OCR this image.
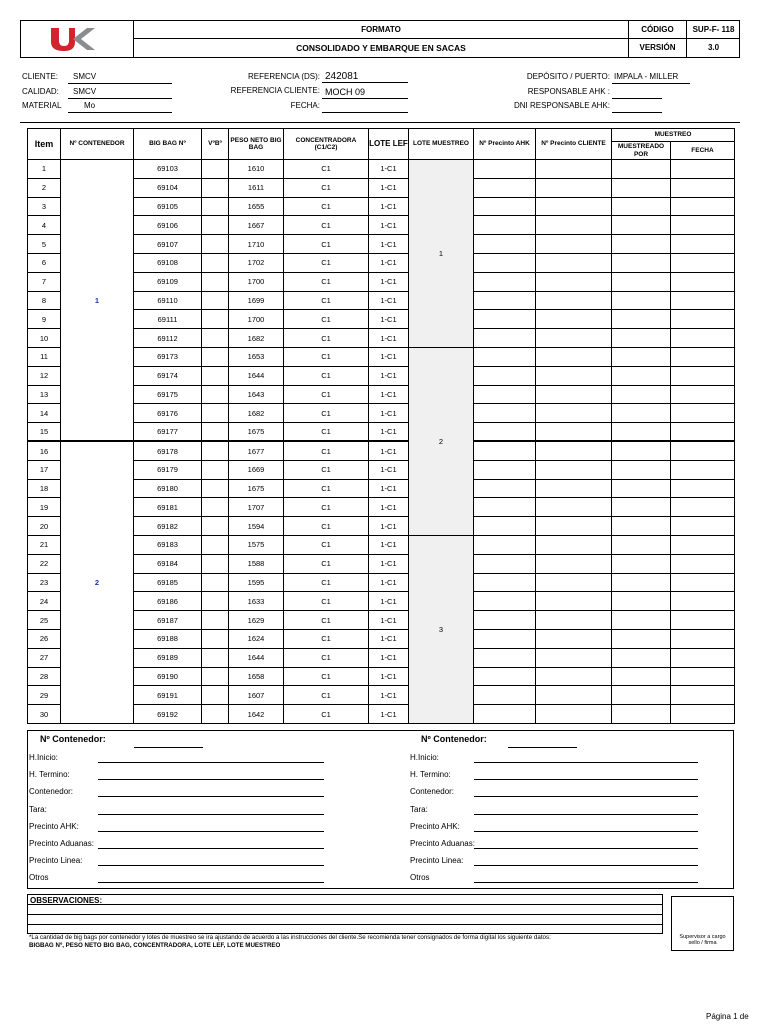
FORMATO
CONSOLIDADO Y EMBARQUE EN SACAS
CÓDIGO	SUP-F- 118
VERSIÓN	3.0
CLIENTE:	SMCV
CALIDAD:	SMCV
MATERIAL	Mo
REFERENCIA (DS): 242081
REFERENCIA CLIENTE: MOCH 09
FECHA:
DEPÓSITO / PUERTO: IMPALA - MILLER
RESPONSABLE AHK :
DNI RESPONSABLE AHK:
Item	Nº CONTENEDOR	BIG BAG Nº	VºBº	PESO NETO BIG BAG	CONCENTRADORA (C1/C2)	LOTE LEF	LOTE MUESTREO	Nº Precinto AHK	Nº Precinto CLIENTE	MUESTREO	
										MUESTREADO POR	FECHA
1	1	69103		1610	C1	1-C1	1				
2		69104		1611	C1	1-C1					
3		69105		1655	C1	1-C1					
4		69106		1667	C1	1-C1					
5		69107		1710	C1	1-C1					
6		69108		1702	C1	1-C1					
7		69109		1700	C1	1-C1					
8		69110		1699	C1	1-C1					
9		69111		1700	C1	1-C1					
10		69112		1682	C1	1-C1					
11		69173		1653	C1	1-C1	2				
12		69174		1644	C1	1-C1					
13		69175		1643	C1	1-C1					
14		69176		1682	C1	1-C1					
15		69177		1675	C1	1-C1					
16	2	69178		1677	C1	1-C1					
17		69179		1669	C1	1-C1					
18		69180		1675	C1	1-C1					
19		69181		1707	C1	1-C1					
20		69182		1594	C1	1-C1					
21		69183		1575	C1	1-C1	3				
22		69184		1588	C1	1-C1					
23		69185		1595	C1	1-C1					
24		69186		1633	C1	1-C1					
25		69187		1629	C1	1-C1					
26		69188		1624	C1	1-C1					
27		69189		1644	C1	1-C1					
28		69190		1658	C1	1-C1					
29		69191		1607	C1	1-C1					
30		69192		1642	C1	1-C1					
Nº Contenedor:
H.Inicio:
H. Termino:
Contenedor:
Tara:
Precinto AHK:
Precinto Aduanas:
Precinto Linea:
Otros
Nº Contenedor:
H.Inicio:
H. Termino:
Contenedor:
Tara:
Precinto AHK:
Precinto Aduanas:
Precinto Linea:
Otros
OBSERVACIONES:
Supervisor a cargo sello / firma
*La cantidad de big bags por contenedor y lotes de muestreo se ira ajustando de acuerdo a las instrucciones del cliente.Se recomienda tener consignados de forma digital los siguiente datos:
BIGBAG Nº, PESO NETO BIG BAG, CONCENTRADORA, LOTE LEF, LOTE MUESTREO
Página 1 de
